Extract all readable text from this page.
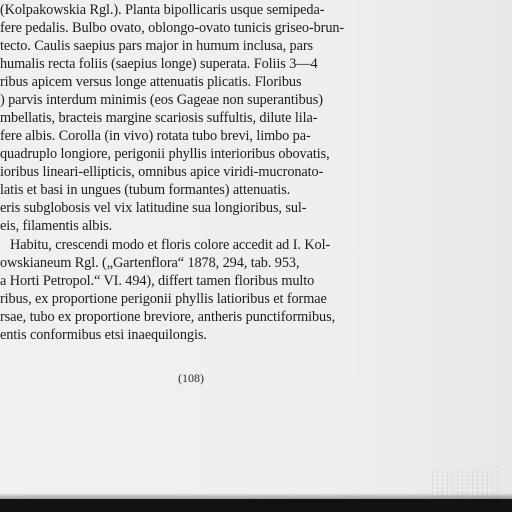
(Kolpakowskia Rgl.). Planta bipollicaris usque semipeda-
fere pedalis. Bulbo ovato, oblongo-ovato tunicis griseo-brun-
tecto. Caulis saepius pars major in humum inclusa, pars
humalis recta foliis (saepius longe) superata. Foliis 3—4
ribus apicem versus longe attenuatis plicatis. Floribus
) parvis interdum minimis (eos Gageae non superantibus)
mbellatis, bracteis margine scariosis suffultis, dilute lila-
fere albis. Corolla (in vivo) rotata tubo brevi, limbo pa-
quadruplo longiore, perigonii phyllis interioribus obovatis,
ioribus lineari-ellipticis, omnibus apice viridi-mucronato-
latis et basi in ungues (tubum formantes) attenuatis.
eris subglobosis vel vix latitudine sua longioribus, sul-
eis, filamentis albis.
Habitu, crescendi modo et floris colore accedit ad I. Kol-
owskianeum Rgl. („Gartenflora“ 1878, 294, tab. 953,
a Horti Petropol.“ VI. 494), differt tamen floribus multo
ribus, ex proportione perigonii phyllis latioribus et formae
rsae, tubo ex proportione breviore, antheris punctiformibus,
entis conformibus etsi inaequilongis.
(108)
